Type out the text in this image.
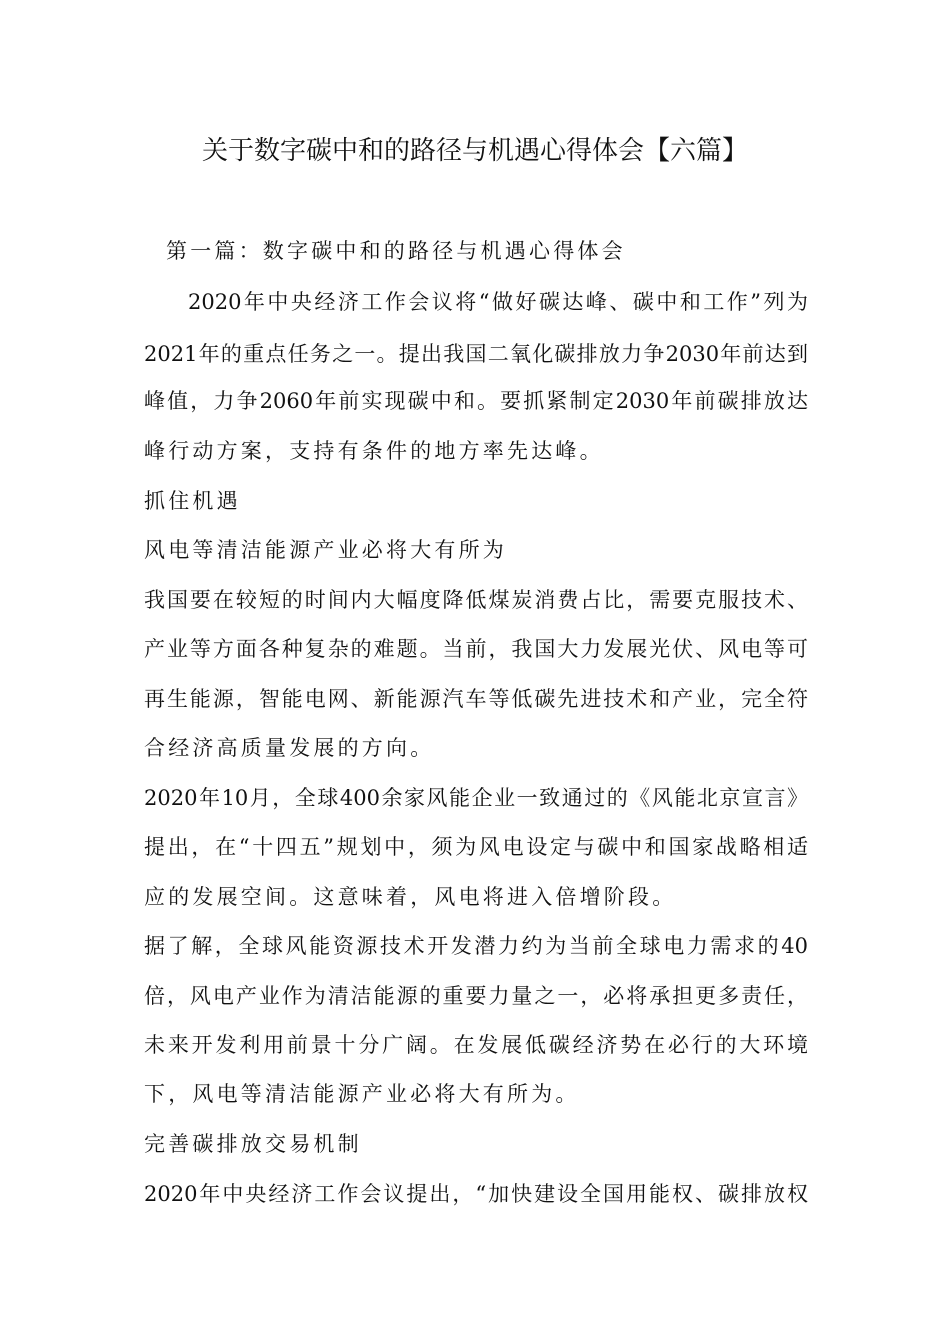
关于数字碳中和的路径与机遇心得体会【六篇】
第一篇：数字碳中和的路径与机遇心得体会
2020年中央经济工作会议将“做好碳达峰、碳中和工作”列为
2021年的重点任务之一。提出我国二氧化碳排放力争2030年前达到
峰值，力争2060年前实现碳中和。要抓紧制定2030年前碳排放达
峰行动方案，支持有条件的地方率先达峰。
抓住机遇
风电等清洁能源产业必将大有所为
我国要在较短的时间内大幅度降低煤炭消费占比，需要克服技术、
产业等方面各种复杂的难题。当前，我国大力发展光伏、风电等可
再生能源，智能电网、新能源汽车等低碳先进技术和产业，完全符
合经济高质量发展的方向。
2020年10月，全球400余家风能企业一致通过的《风能北京宣言》
提出，在“十四五”规划中，须为风电设定与碳中和国家战略相适
应的发展空间。这意味着，风电将进入倍增阶段。
据了解，全球风能资源技术开发潜力约为当前全球电力需求的40
倍，风电产业作为清洁能源的重要力量之一，必将承担更多责任，
未来开发利用前景十分广阔。在发展低碳经济势在必行的大环境
下，风电等清洁能源产业必将大有所为。
完善碳排放交易机制
2020年中央经济工作会议提出，“加快建设全国用能权、碳排放权
